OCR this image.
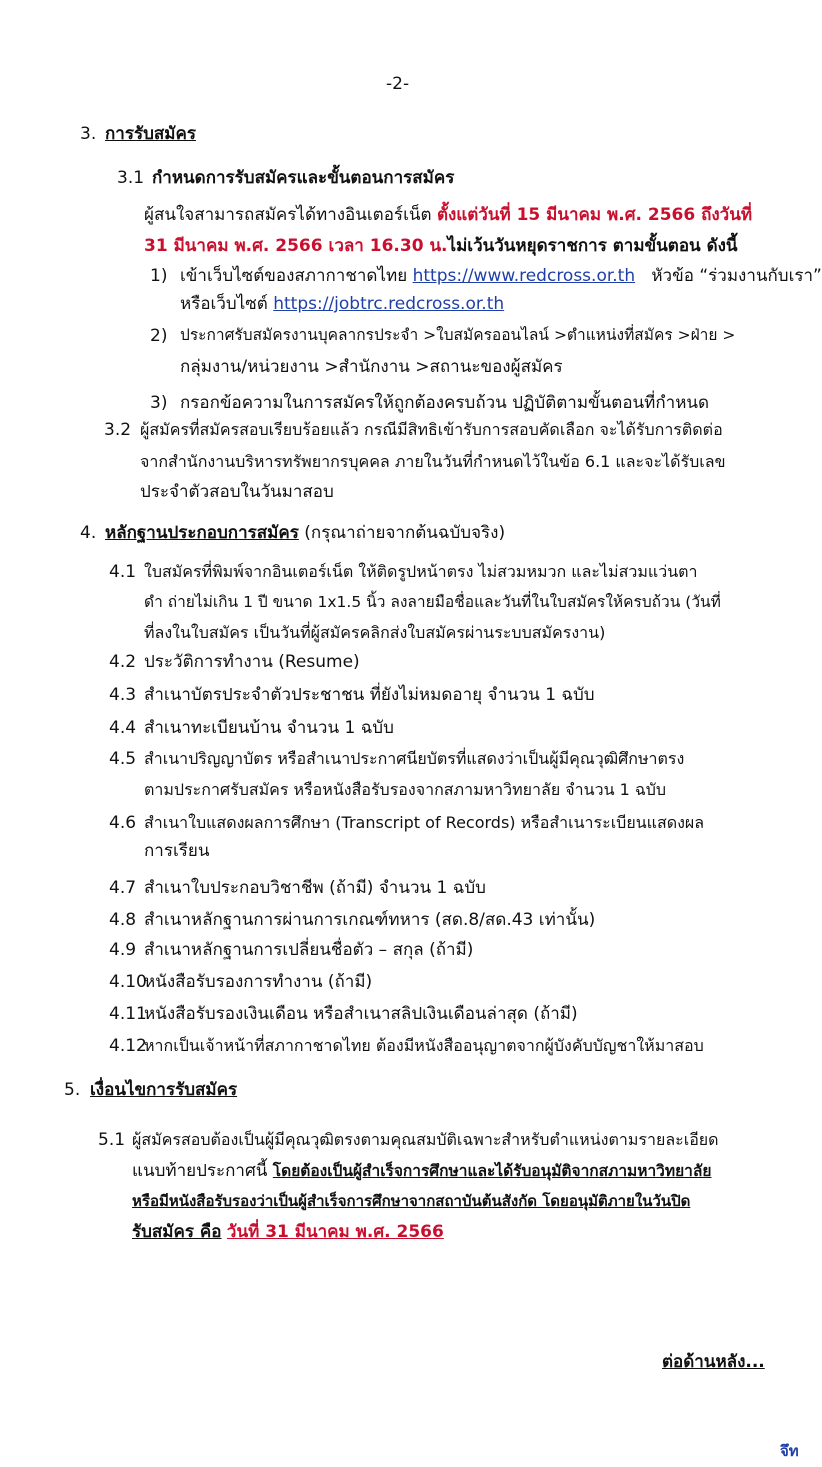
-2-
3. การรับสมัคร
3.1 กำหนดการรับสมัครและขั้นตอนการสมัคร
ผู้สนใจสามารถสมัครได้ทางอินเตอร์เน็ต ตั้งแต่วันที่ 15 มีนาคม พ.ศ. 2566 ถึงวันที่
31 มีนาคม พ.ศ. 2566 เวลา 16.30 น.ไม่เว้นวันหยุดราชการ ตามขั้นตอน ดังนี้
1) เข้าเว็บไซต์ของสภากาชาดไทย https://www.redcross.or.th หัวข้อ “ร่วมงานกับเรา”
หรือเว็บไซต์ https://jobtrc.redcross.or.th
2) ประกาศรับสมัครงานบุคลากรประจำ >ใบสมัครออนไลน์ >ตำแหน่งที่สมัคร >ฝ่าย >
กลุ่มงาน/หน่วยงาน >สำนักงาน >สถานะของผู้สมัคร
3) กรอกข้อความในการสมัครให้ถูกต้องครบถ้วน ปฏิบัติตามขั้นตอนที่กำหนด
3.2 ผู้สมัครที่สมัครสอบเรียบร้อยแล้ว กรณีมีสิทธิเข้ารับการสอบคัดเลือก จะได้รับการติดต่อ
จากสำนักงานบริหารทรัพยากรบุคคล ภายในวันที่กำหนดไว้ในข้อ 6.1 และจะได้รับเลข
ประจำตัวสอบในวันมาสอบ
4. หลักฐานประกอบการสมัคร (กรุณาถ่ายจากต้นฉบับจริง)
4.1 ใบสมัครที่พิมพ์จากอินเตอร์เน็ต ให้ติดรูปหน้าตรง ไม่สวมหมวก และไม่สวมแว่นตา
ดำ ถ่ายไม่เกิน 1 ปี ขนาด 1x1.5 นิ้ว ลงลายมือชื่อและวันที่ในใบสมัครให้ครบถ้วน (วันที่
ที่ลงในใบสมัคร เป็นวันที่ผู้สมัครคลิกส่งใบสมัครผ่านระบบสมัครงาน)
4.2 ประวัติการทำงาน (Resume)
4.3 สำเนาบัตรประจำตัวประชาชน ที่ยังไม่หมดอายุ จำนวน 1 ฉบับ
4.4 สำเนาทะเบียนบ้าน จำนวน 1 ฉบับ
4.5 สำเนาปริญญาบัตร หรือสำเนาประกาศนียบัตรที่แสดงว่าเป็นผู้มีคุณวุฒิศึกษาตรง
ตามประกาศรับสมัคร หรือหนังสือรับรองจากสภามหาวิทยาลัย จำนวน 1 ฉบับ
4.6 สำเนาใบแสดงผลการศึกษา (Transcript of Records) หรือสำเนาระเบียนแสดงผล
การเรียน
4.7 สำเนาใบประกอบวิชาชีพ (ถ้ามี) จำนวน 1 ฉบับ
4.8 สำเนาหลักฐานการผ่านการเกณฑ์ทหาร (สด.8/สด.43 เท่านั้น)
4.9 สำเนาหลักฐานการเปลี่ยนชื่อตัว – สกุล (ถ้ามี)
4.10
หนังสือรับรองการทำงาน (ถ้ามี)
4.11
หนังสือรับรองเงินเดือน หรือสำเนาสลิปเงินเดือนล่าสุด (ถ้ามี)
4.12
หากเป็นเจ้าหน้าที่สภากาชาดไทย ต้องมีหนังสืออนุญาตจากผู้บังคับบัญชาให้มาสอบ
5. เงื่อนไขการรับสมัคร
5.1 ผู้สมัครสอบต้องเป็นผู้มีคุณวุฒิตรงตามคุณสมบัติเฉพาะสำหรับตำแหน่งตามรายละเอียด
แนบท้ายประกาศนี้ โดยต้องเป็นผู้สำเร็จการศึกษาและได้รับอนุมัติจากสภามหาวิทยาลัย
หรือมีหนังสือรับรองว่าเป็นผู้สำเร็จการศึกษาจากสถาบันต้นสังกัด โดยอนุมัติภายในวันปิด
รับสมัคร คือ วันที่ 31 มีนาคม พ.ศ. 2566
ต่อด้านหลัง...
จึท
